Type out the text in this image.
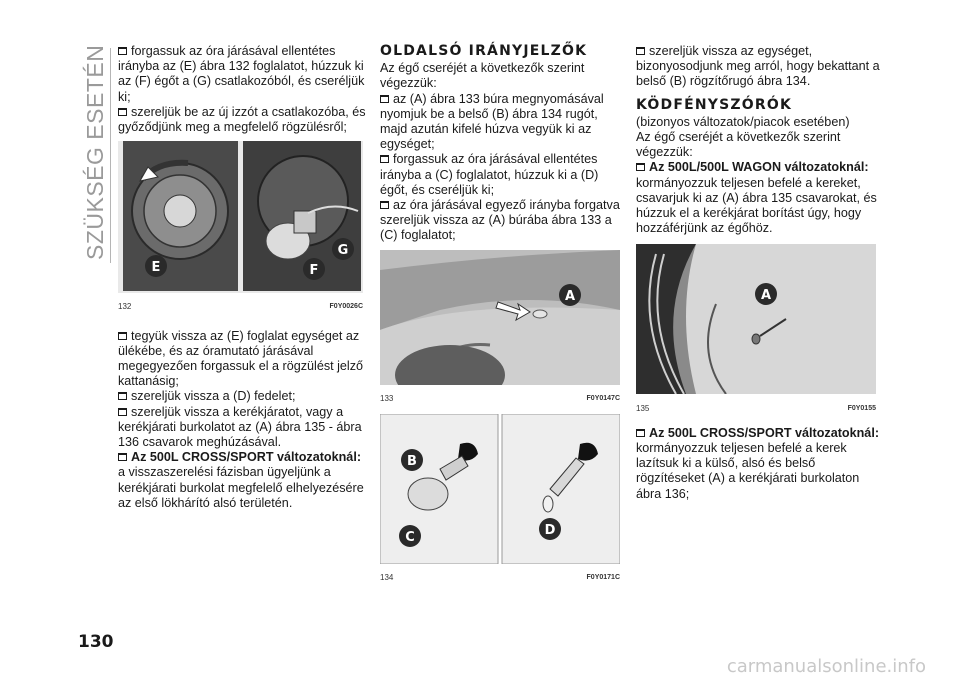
SZÜKSÉG ESETÉN	forgassuk az óra járásával ellentétes irányba az (E) ábra 132 foglalatot, húzzuk ki az (F) égőt a (G) csatlakozóból, és cseréljük ki;

szereljük be az új izzót a csatlakozóba, és győződjünk meg a megfelelő rögzülésről;

E	F
G
132	F0Y0026C

tegyük vissza az (E) foglalat egységet az ülékébe, és az óramutató járásával megegyezően forgassuk el a rögzülést jelző kattanásig;

szereljük vissza a (D) fedelet;

szereljük vissza a kerékjáratot, vagy a kerékjárati burkolatot az (A) ábra 135 - ábra 136 csavarok meghúzásával.

Az 500L CROSS/SPORT változatoknál: a visszaszerelési fázisban ügyeljünk a kerékjárati burkolat megfelelő elhelyezésére az első lökhárító alsó területén.

OLDALSÓ IRÁNYJELZŐK

Az égő cseréjét a következők szerint végezzük:

az (A) ábra 133 búra megnyomásával nyomjuk be a belső (B) ábra 134 rugót, majd azután kifelé húzva vegyük ki az egységet;

forgassuk az óra járásával ellentétes irányba a (C) foglalatot, húzzuk ki a (D) égőt, és cseréljük ki;

az óra járásával egyező irányba forgatva szereljük vissza az (A) búrába ábra 133 a (C) foglalatot;

A
133	F0Y0147C
B
C	D
134	F0Y0171C

szereljük vissza az egységet, bizonyosodjunk meg arról, hogy bekattant a belső (B) rögzítőrugó ábra 134.

KÖDFÉNYSZÓRÓK

(bizonyos változatok/piacok esetében)

Az égő cseréjét a következők szerint végezzük:

Az 500L/500L WAGON változatoknál: kormányozzuk teljesen befelé a kereket, csavarjuk ki az (A) ábra 135 csavarokat, és húzzuk el a kerékjárat borítást úgy, hogy hozzáférjünk az égőhöz.

A
135	F0Y0155

Az 500L CROSS/SPORT változatoknál: kormányozzuk teljesen befelé a kerek lazítsuk ki a külső, alsó és belső rögzítéseket (A) a kerékjárati burkolaton ábra 136;

130
carmanualsonline.info
